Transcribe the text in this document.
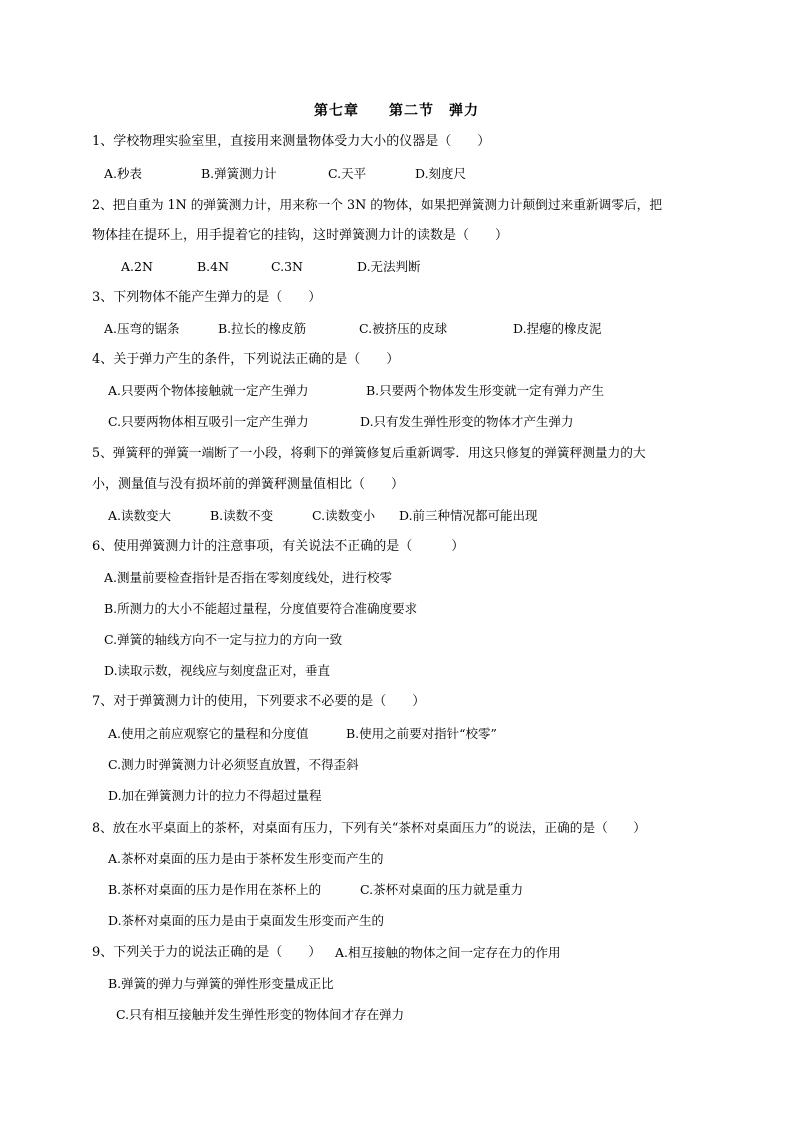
第七章　　第二节　弹力
1、学校物理实验室里，直接用来测量物体受力大小的仪器是（　　）
A.秒表	B.弹簧测力计	C.天平	D.刻度尺
2、把自重为 1N 的弹簧测力计，用来称一个 3N 的物体，如果把弹簧测力计颠倒过来重新调零后，把
物体挂在提环上，用手提着它的挂钩，这时弹簧测力计的读数是（　　）
A.2N	B.4N	C.3N	D.无法判断
3、下列物体不能产生弹力的是（　　）
A.压弯的锯条	B.拉长的橡皮筋	C.被挤压的皮球	D.捏瘪的橡皮泥
4、关于弹力产生的条件，下列说法正确的是（　　）
A.只要两个物体接触就一定产生弹力	B.只要两个物体发生形变就一定有弹力产生
C.只要两物体相互吸引一定产生弹力	D.只有发生弹性形变的物体才产生弹力
5、弹簧秤的弹簧一端断了一小段，将剩下的弹簧修复后重新调零．用这只修复的弹簧秤测量力的大
小，测量值与没有损坏前的弹簧秤测量值相比（　　）
A.读数变大	B.读数不变	C.读数变小 D.前三种情况都可能出现
6、使用弹簧测力计的注意事项，有关说法不正确的是（　　　）
A.测量前要检查指针是否指在零刻度线处，进行校零
B.所测力的大小不能超过量程，分度值要符合准确度要求
C.弹簧的轴线方向不一定与拉力的方向一致
D.读取示数，视线应与刻度盘正对，垂直
7、对于弹簧测力计的使用，下列要求不必要的是（　　）
A.使用之前应观察它的量程和分度值	B.使用之前要对指针“校零”
C.测力时弹簧测力计必须竖直放置，不得歪斜
D.加在弹簧测力计的拉力不得超过量程
8、放在水平桌面上的茶杯，对桌面有压力，下列有关“茶杯对桌面压力”的说法，正确的是（　　）
A.茶杯对桌面的压力是由于茶杯发生形变而产生的
B.茶杯对桌面的压力是作用在茶杯上的	C.茶杯对桌面的压力就是重力
D.茶杯对桌面的压力是由于桌面发生形变而产生的
9、下列关于力的说法正确的是（　　） A.相互接触的物体之间一定存在力的作用
B.弹簧的弹力与弹簧的弹性形变量成正比
C.只有相互接触并发生弹性形变的物体间才存在弹力
